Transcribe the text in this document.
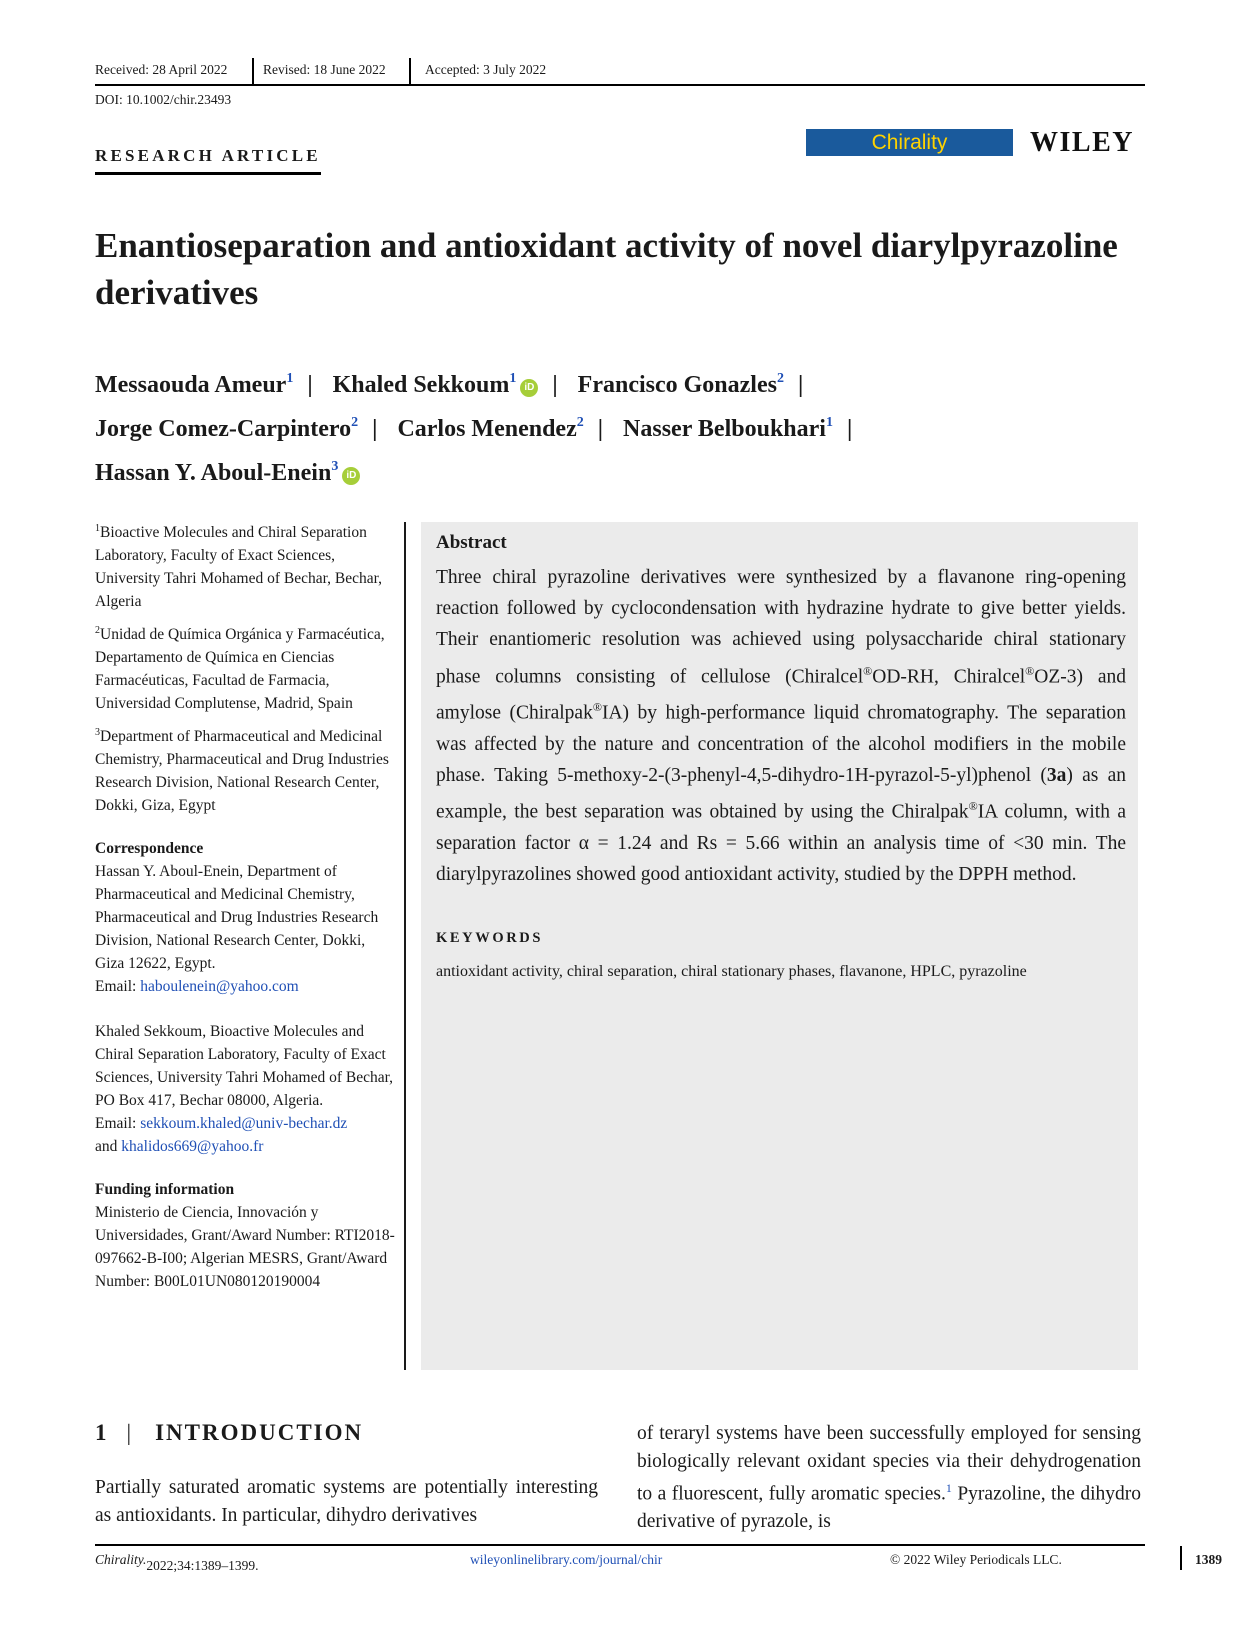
Received: 28 April 2022	Revised: 18 June 2022	Accepted: 3 July 2022
DOI: 10.1002/chir.23493
RESEARCH ARTICLE
Chirality	WILEY
Enantioseparation and antioxidant activity of novel diarylpyrazoline derivatives
Messaouda Ameur$^1$ | Khaled Sekkoum$^1$iD | Francisco Gonazles$^2$ |
Jorge Comez-Carpintero$^2$ | Carlos Menendez$^2$ | Nasser Belboukhari$^1$ |
Hassan Y. Aboul-Enein$^3$iD

$^1$Bioactive Molecules and Chiral Separation Laboratory, Faculty of Exact Sciences, University Tahri Mohamed of Bechar, Bechar, Algeria

$^2$Unidad de Química Orgánica y Farmacéutica, Departamento de Química en Ciencias Farmacéuticas, Facultad de Farmacia, Universidad Complutense, Madrid, Spain

$^3$Department of Pharmaceutical and Medicinal Chemistry, Pharmaceutical and Drug Industries Research Division, National Research Center, Dokki, Giza, Egypt

Correspondence
Hassan Y. Aboul-Enein, Department of Pharmaceutical and Medicinal Chemistry, Pharmaceutical and Drug Industries Research Division, National Research Center, Dokki, Giza 12622, Egypt.
Email: haboulenein@yahoo.com
Khaled Sekkoum, Bioactive Molecules and Chiral Separation Laboratory, Faculty of Exact Sciences, University Tahri Mohamed of Bechar, PO Box 417, Bechar 08000, Algeria.
Email: sekkoum.khaled@univ-bechar.dz
and khalidos669@yahoo.fr
Funding information
Ministerio de Ciencia, Innovación y Universidades, Grant/Award Number: RTI2018-097662-B-I00; Algerian MESRS, Grant/Award Number: B00L01UN080120190004
Abstract
Three chiral pyrazoline derivatives were synthesized by a flavanone ring-opening reaction followed by cyclocondensation with hydrazine hydrate to give better yields. Their enantiomeric resolution was achieved using polysaccharide chiral stationary phase columns consisting of cellulose (Chiralcel®OD-RH, Chiralcel®OZ-3) and amylose (Chiralpak®IA) by high-performance liquid chromatography. The separation was affected by the nature and concentration of the alcohol modifiers in the mobile phase. Taking 5-methoxy-2-(3-phenyl-4,5-dihydro-1H-pyrazol-5-yl)phenol (3a) as an example, the best separation was obtained by using the Chiralpak®IA column, with a separation factor α = 1.24 and Rs = 5.66 within an analysis time of <30 min. The diarylpyrazolines showed good antioxidant activity, studied by the DPPH method.
KEYWORDS
antioxidant activity, chiral separation, chiral stationary phases, flavanone, HPLC, pyrazoline
1 | INTRODUCTION
Partially saturated aromatic systems are potentially interesting as antioxidants. In particular, dihydro derivatives
of teraryl systems have been successfully employed for sensing biologically relevant oxidant species via their dehydrogenation to a fluorescent, fully aromatic species.$^1$ Pyrazoline, the dihydro derivative of pyrazole, is
Chirality. 2022;34:1389–1399.	wileyonlinelibrary.com/journal/chir	© 2022 Wiley Periodicals LLC.	1389
